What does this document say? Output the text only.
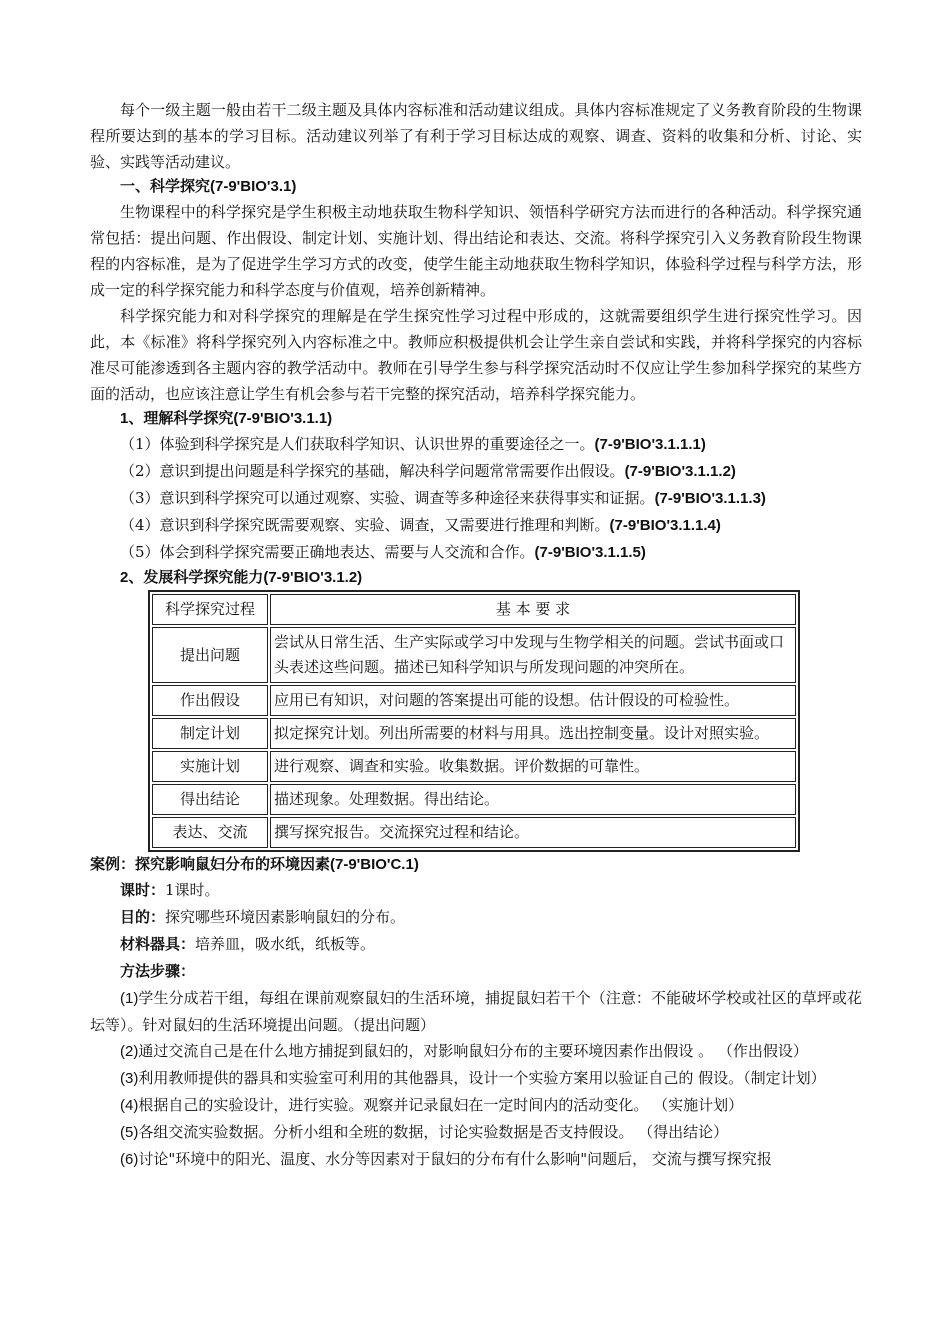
每个一级主题一般由若干二级主题及具体内容标准和活动建议组成。具体内容标准规定了义务教育阶段的生物课程所要达到的基本的学习目标。活动建议列举了有利于学习目标达成的观察、调查、资料的收集和分析、讨论、实验、实践等活动建议。

一、科学探究(7-9'BIO'3.1)

生物课程中的科学探究是学生积极主动地获取生物科学知识、领悟科学研究方法而进行的各种活动。科学探究通常包括：提出问题、作出假设、制定计划、实施计划、得出结论和表达、交流。将科学探究引入义务教育阶段生物课程的内容标准，是为了促进学生学习方式的改变，使学生能主动地获取生物科学知识，体验科学过程与科学方法，形成一定的科学探究能力和科学态度与价值观，培养创新精神。

科学探究能力和对科学探究的理解是在学生探究性学习过程中形成的，这就需要组织学生进行探究性学习。因此，本《标准》将科学探究列入内容标准之中。教师应积极提供机会让学生亲自尝试和实践，并将科学探究的内容标准尽可能渗透到各主题内容的教学活动中。教师在引导学生参与科学探究活动时不仅应让学生参加科学探究的某些方面的活动，也应该注意让学生有机会参与若干完整的探究活动，培养科学探究能力。

1、理解科学探究(7-9'BIO'3.1.1)

（1）体验到科学探究是人们获取科学知识、认识世界的重要途径之一。(7-9'BIO'3.1.1.1)

（2）意识到提出问题是科学探究的基础，解决科学问题常常需要作出假设。(7-9'BIO'3.1.1.2)

（3）意识到科学探究可以通过观察、实验、调查等多种途径来获得事实和证据。(7-9'BIO'3.1.1.3)

（4）意识到科学探究既需要观察、实验、调查，又需要进行推理和判断。(7-9'BIO'3.1.1.4)

（5）体会到科学探究需要正确地表达、需要与人交流和合作。(7-9'BIO'3.1.1.5)

2、发展科学探究能力(7-9'BIO'3.1.2)

科学探究过程	基 本 要 求
提出问题	尝试从日常生活、生产实际或学习中发现与生物学相关的问题。尝试书面或口头表述这些问题。描述已知科学知识与所发现问题的冲突所在。
作出假设	应用已有知识，对问题的答案提出可能的设想。估计假设的可检验性。
制定计划	拟定探究计划。列出所需要的材料与用具。选出控制变量。设计对照实验。
实施计划	进行观察、调查和实验。收集数据。评价数据的可靠性。
得出结论	描述现象。处理数据。得出结论。
表达、交流	撰写探究报告。交流探究过程和结论。

案例：探究影响鼠妇分布的环境因素(7-9'BIO'C.1)

课时：1课时。

目的：探究哪些环境因素影响鼠妇的分布。

材料器具：培养皿，吸水纸，纸板等。

方法步骤：

(1)学生分成若干组，每组在课前观察鼠妇的生活环境，捕捉鼠妇若干个（注意：不能破坏学校或社区的草坪或花坛等）。针对鼠妇的生活环境提出问题。（提出问题）

(2)通过交流自己是在什么地方捕捉到鼠妇的，对影响鼠妇分布的主要环境因素作出假设 。 （作出假设）

(3)利用教师提供的器具和实验室可利用的其他器具，设计一个实验方案用以验证自己的 假设。（制定计划）

(4)根据自己的实验设计，进行实验。观察并记录鼠妇在一定时间内的活动变化。 （实施计划）

(5)各组交流实验数据。分析小组和全班的数据，讨论实验数据是否支持假设。 （得出结论）

(6)讨论"环境中的阳光、温度、水分等因素对于鼠妇的分布有什么影响"问题后， 交流与撰写探究报
